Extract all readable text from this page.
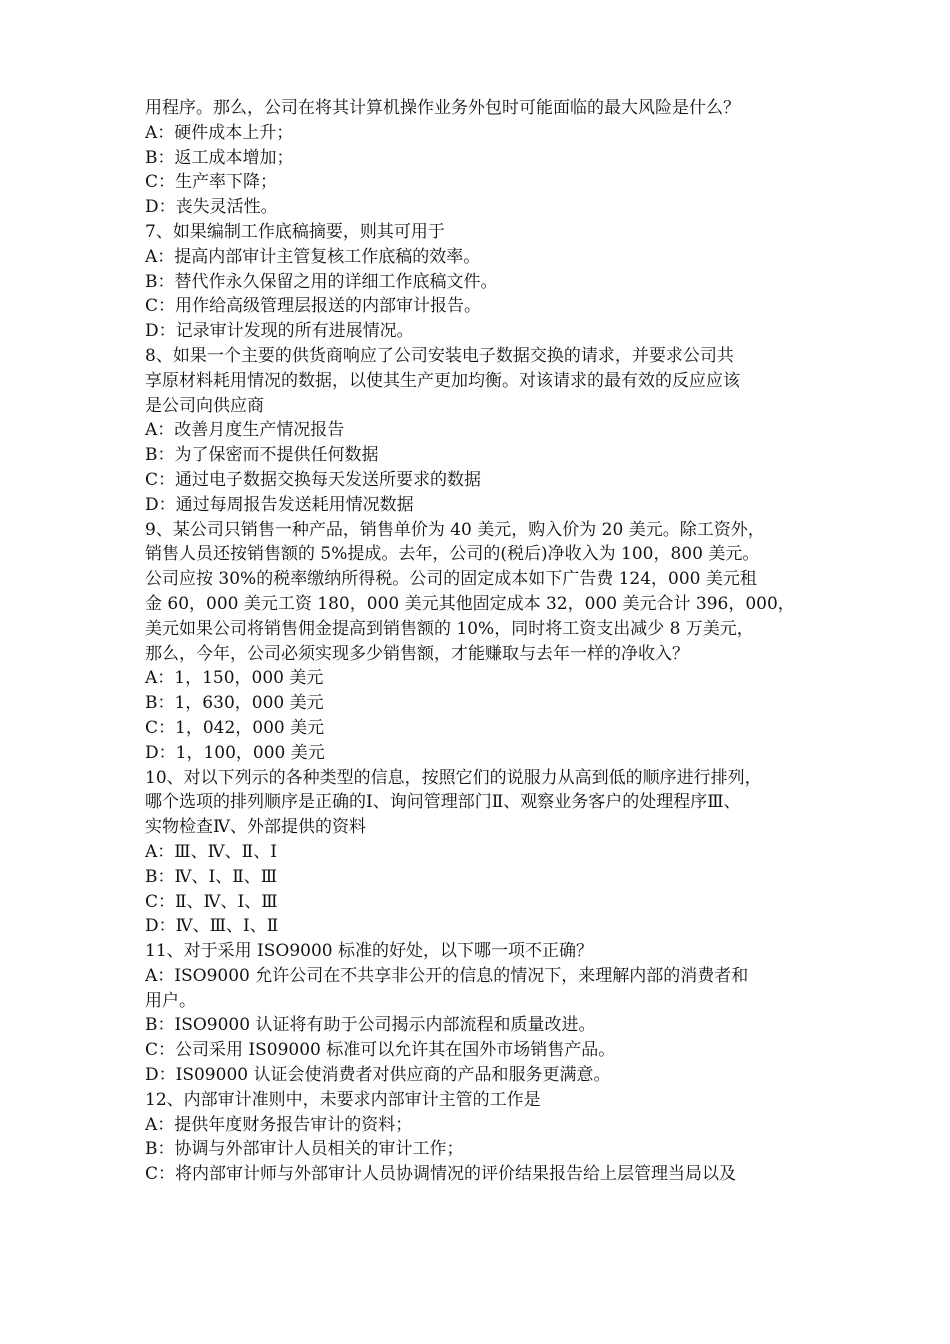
用程序。那么，公司在将其计算机操作业务外包时可能面临的最大风险是什么？
A：硬件成本上升；
B：返工成本增加；
C：生产率下降；
D：丧失灵活性。
7、如果编制工作底稿摘要，则其可用于
A：提高内部审计主管复核工作底稿的效率。
B：替代作永久保留之用的详细工作底稿文件。
C：用作给高级管理层报送的内部审计报告。
D：记录审计发现的所有进展情况。
8、如果一个主要的供货商响应了公司安装电子数据交换的请求，并要求公司共
享原材料耗用情况的数据，以使其生产更加均衡。对该请求的最有效的反应应该
是公司向供应商
A：改善月度生产情况报告
B：为了保密而不提供任何数据
C：通过电子数据交换每天发送所要求的数据
D：通过每周报告发送耗用情况数据
9、某公司只销售一种产品，销售单价为 40 美元，购入价为 20 美元。除工资外，
销售人员还按销售额的 5%提成。去年，公司的(税后)净收入为 100，800 美元。
公司应按 30%的税率缴纳所得税。公司的固定成本如下广告费 124，000 美元租
金 60，000 美元工资 180，000 美元其他固定成本 32，000 美元合计 396，000，
美元如果公司将销售佣金提高到销售额的 10%，同时将工资支出减少 8 万美元，
那么，今年，公司必须实现多少销售额，才能赚取与去年一样的净收入？
A：1，150，000 美元
B：1，630，000 美元
C：1，042，000 美元
D：1，100，000 美元
10、对以下列示的各种类型的信息，按照它们的说服力从高到低的顺序进行排列，
哪个选项的排列顺序是正确的Ⅰ、询问管理部门Ⅱ、观察业务客户的处理程序Ⅲ、
实物检查Ⅳ、外部提供的资料
A：Ⅲ、Ⅳ、Ⅱ、Ⅰ
B：Ⅳ、Ⅰ、Ⅱ、Ⅲ
C：Ⅱ、Ⅳ、Ⅰ、Ⅲ
D：Ⅳ、Ⅲ、Ⅰ、Ⅱ
11、对于采用 ISO9000 标准的好处，以下哪一项不正确？
A：ISO9000 允许公司在不共享非公开的信息的情况下，来理解内部的消费者和
用户。
B：ISO9000 认证将有助于公司揭示内部流程和质量改进。
C：公司采用 IS09000 标准可以允许其在国外市场销售产品。
D：IS09000 认证会使消费者对供应商的产品和服务更满意。
12、内部审计准则中，未要求内部审计主管的工作是
A：提供年度财务报告审计的资料；
B：协调与外部审计人员相关的审计工作；
C：将内部审计师与外部审计人员协调情况的评价结果报告给上层管理当局以及
